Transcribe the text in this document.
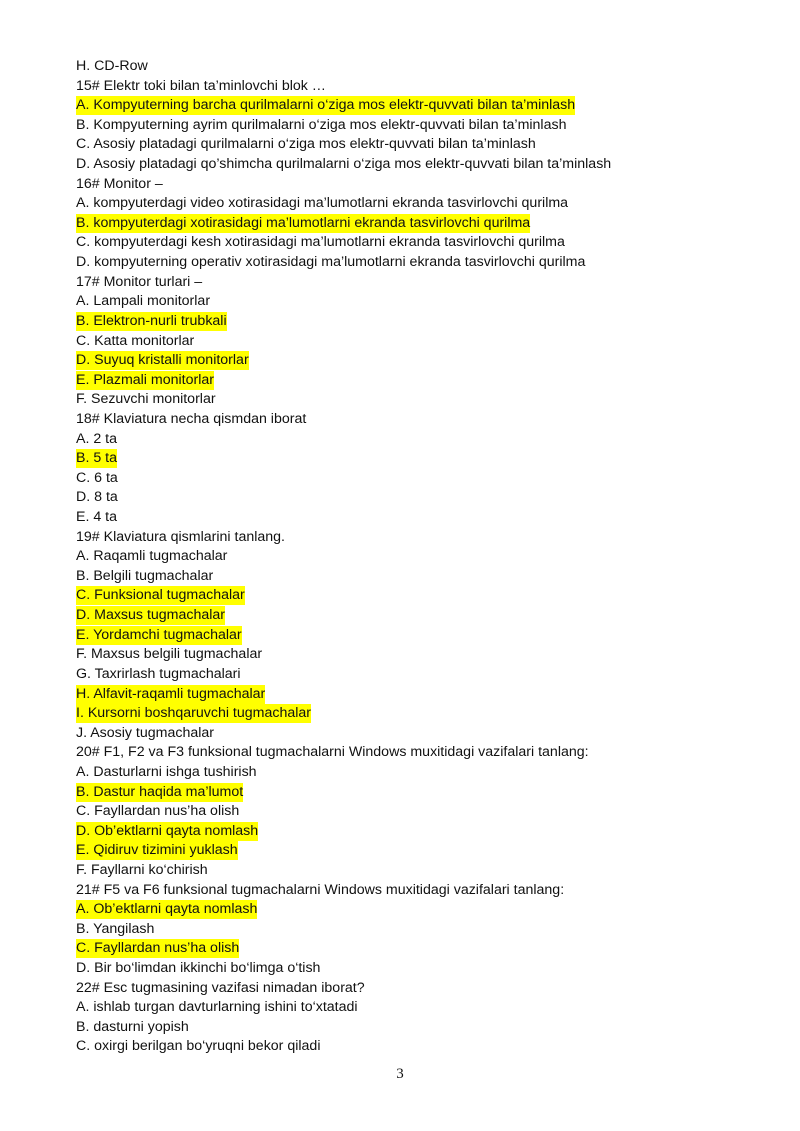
H. CD-Row
15# Elektr toki bilan ta’minlovchi blok …
A. Kompyuterning barcha qurilmalarni o‘ziga mos elektr-quvvati bilan ta’minlash
B. Kompyuterning ayrim qurilmalarni o‘ziga mos elektr-quvvati bilan ta’minlash
C. Asosiy platadagi qurilmalarni o‘ziga mos elektr-quvvati bilan ta’minlash
D. Asosiy platadagi qo’shimcha qurilmalarni o‘ziga mos elektr-quvvati bilan ta’minlash
16# Monitor –
A. kompyuterdagi video xotirasidagi ma’lumotlarni ekranda tasvirlovchi qurilma
B. kompyuterdagi xotirasidagi ma’lumotlarni ekranda tasvirlovchi qurilma
C. kompyuterdagi kesh xotirasidagi ma’lumotlarni ekranda tasvirlovchi qurilma
D. kompyuterning operativ xotirasidagi ma’lumotlarni ekranda tasvirlovchi qurilma
17# Monitor turlari –
A. Lampali monitorlar
B. Elektron-nurli trubkali
C. Katta monitorlar
D. Suyuq kristalli monitorlar
E. Plazmali monitorlar
F. Sezuvchi monitorlar
18# Klaviatura necha qismdan iborat
A. 2 ta
B. 5 ta
C. 6 ta
D. 8 ta
E. 4 ta
19# Klaviatura qismlarini tanlang.
A. Raqamli tugmachalar
B. Belgili tugmachalar
C. Funksional tugmachalar
D. Maxsus tugmachalar
E. Yordamchi tugmachalar
F. Maxsus belgili tugmachalar
G. Taxrirlash tugmachalari
H. Alfavit-raqamli tugmachalar
I. Kursorni boshqaruvchi tugmachalar
J. Asosiy tugmachalar
20# F1, F2 va F3 funksional tugmachalarni Windows muxitidagi vazifalari tanlang:
A. Dasturlarni ishga tushirish
B. Dastur haqida ma’lumot
C. Fayllardan nus’ha olish
D. Ob’ektlarni qayta nomlash
E. Qidiruv tizimini yuklash
F. Fayllarni ko‘chirish
21# F5 va F6 funksional tugmachalarni Windows muxitidagi vazifalari tanlang:
A. Ob’ektlarni qayta nomlash
B. Yangilash
C. Fayllardan nus’ha olish
D. Bir bo‘limdan ikkinchi bo‘limga o‘tish
22# Esc tugmasining vazifasi nimadan iborat?
A. ishlab turgan davturlarning ishini to‘xtatadi
B. dasturni yopish
C. oxirgi berilgan bo‘yruqni bekor qiladi
3
